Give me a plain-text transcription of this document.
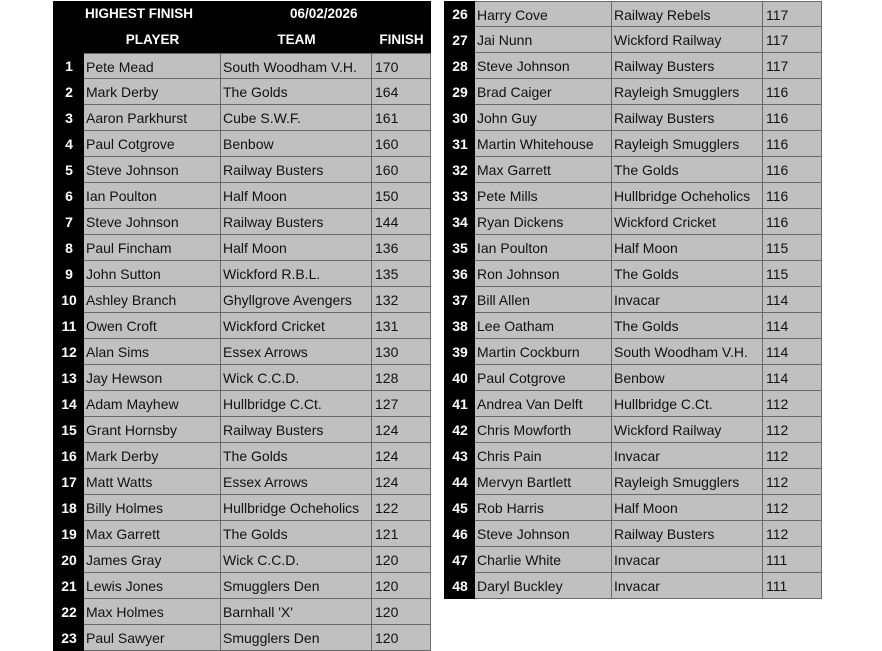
HIGHEST FINISH	06/02/2026
PLAYER	TEAM	FINISH
1 Pete Mead	South Woodham V.H.	170
2 Mark Derby	The Golds	164
3 Aaron Parkhurst	Cube S.W.F.	161
4 Paul Cotgrove	Benbow	160
5 Steve Johnson	Railway Busters	160
6 Ian Poulton	Half Moon	150
7 Steve Johnson	Railway Busters	144
8 Paul Fincham	Half Moon	136
9 John Sutton	Wickford R.B.L.	135
10 Ashley Branch	Ghyllgrove Avengers	132
11 Owen Croft	Wickford Cricket	131
12 Alan Sims	Essex Arrows	130
13 Jay Hewson	Wick C.C.D.	128
14 Adam Mayhew	Hullbridge C.Ct.	127
15 Grant Hornsby	Railway Busters	124
16 Mark Derby	The Golds	124
17 Matt Watts	Essex Arrows	124
18 Billy Holmes	Hullbridge Ocheholics	122
19 Max Garrett	The Golds	121
20 James Gray	Wick C.C.D.	120
21 Lewis Jones	Smugglers Den	120
22 Max Holmes	Barnhall 'X'	120
23 Paul Sawyer	Smugglers Den	120
26 Harry Cove	Railway Rebels	117
27 Jai Nunn	Wickford Railway	117
28 Steve Johnson	Railway Busters	117
29 Brad Caiger	Rayleigh Smugglers	116
30 John Guy	Railway Busters	116
31 Martin Whitehouse	Rayleigh Smugglers	116
32 Max Garrett	The Golds	116
33 Pete Mills	Hullbridge Ocheholics	116
34 Ryan Dickens	Wickford Cricket	116
35 Ian Poulton	Half Moon	115
36 Ron Johnson	The Golds	115
37 Bill Allen	Invacar	114
38 Lee Oatham	The Golds	114
39 Martin Cockburn	South Woodham V.H.	114
40 Paul Cotgrove	Benbow	114
41 Andrea Van Delft	Hullbridge C.Ct.	112
42 Chris Mowforth	Wickford Railway	112
43 Chris Pain	Invacar	112
44 Mervyn Bartlett	Rayleigh Smugglers	112
45 Rob Harris	Half Moon	112
46 Steve Johnson	Railway Busters	112
47 Charlie White	Invacar	111
48 Daryl Buckley	Invacar	111
